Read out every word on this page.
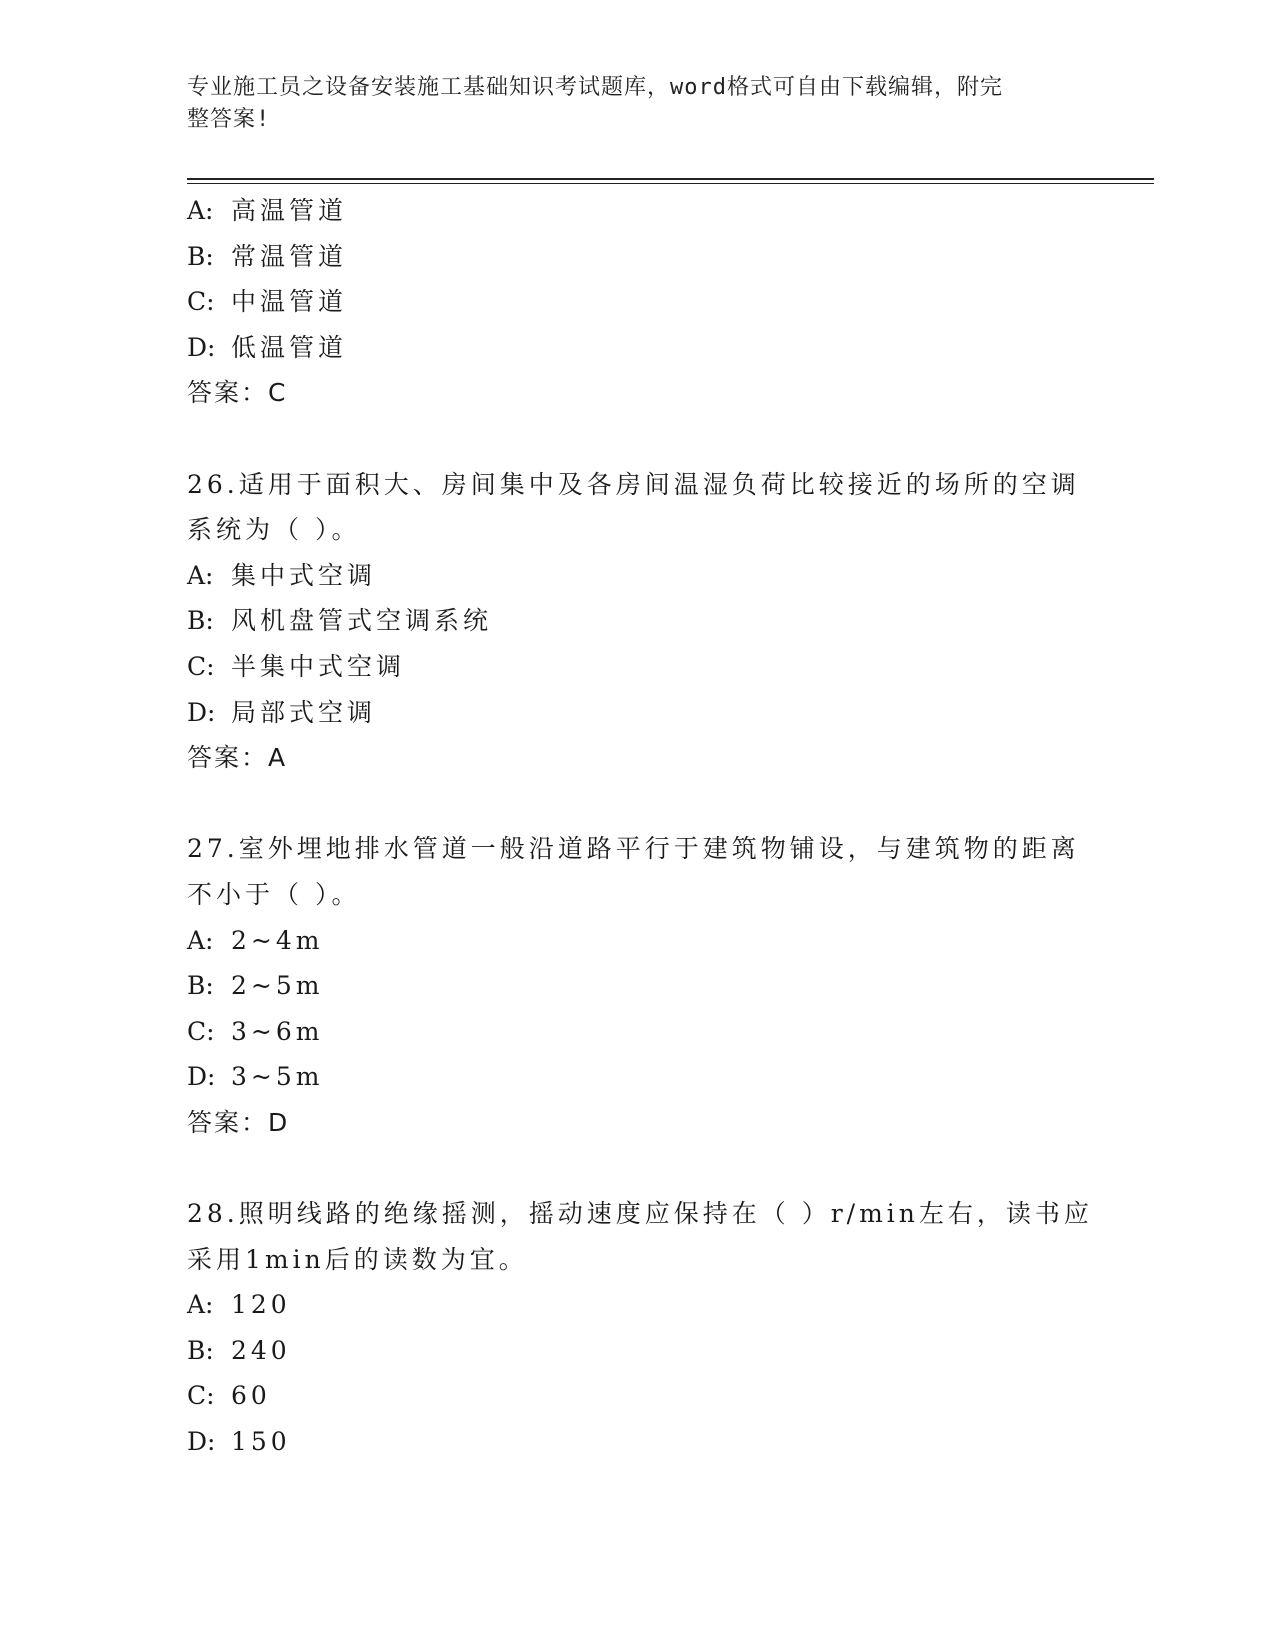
专业施工员之设备安装施工基础知识考试题库，word格式可自由下载编辑，附完
整答案!
A: 高温管道
B: 常温管道
C: 中温管道
D: 低温管道
答案：C
26.适用于面积大、房间集中及各房间温湿负荷比较接近的场所的空调
系统为（ ）。
A: 集中式空调
B: 风机盘管式空调系统
C: 半集中式空调
D: 局部式空调
答案：A
27.室外埋地排水管道一般沿道路平行于建筑物铺设，与建筑物的距离
不小于（ ）。
A: 2~4m
B: 2~5m
C: 3~6m
D: 3~5m
答案：D
28.照明线路的绝缘摇测，摇动速度应保持在（ ）r/min左右，读书应
采用1min后的读数为宜。
A: 120
B: 240
C: 60
D: 150
